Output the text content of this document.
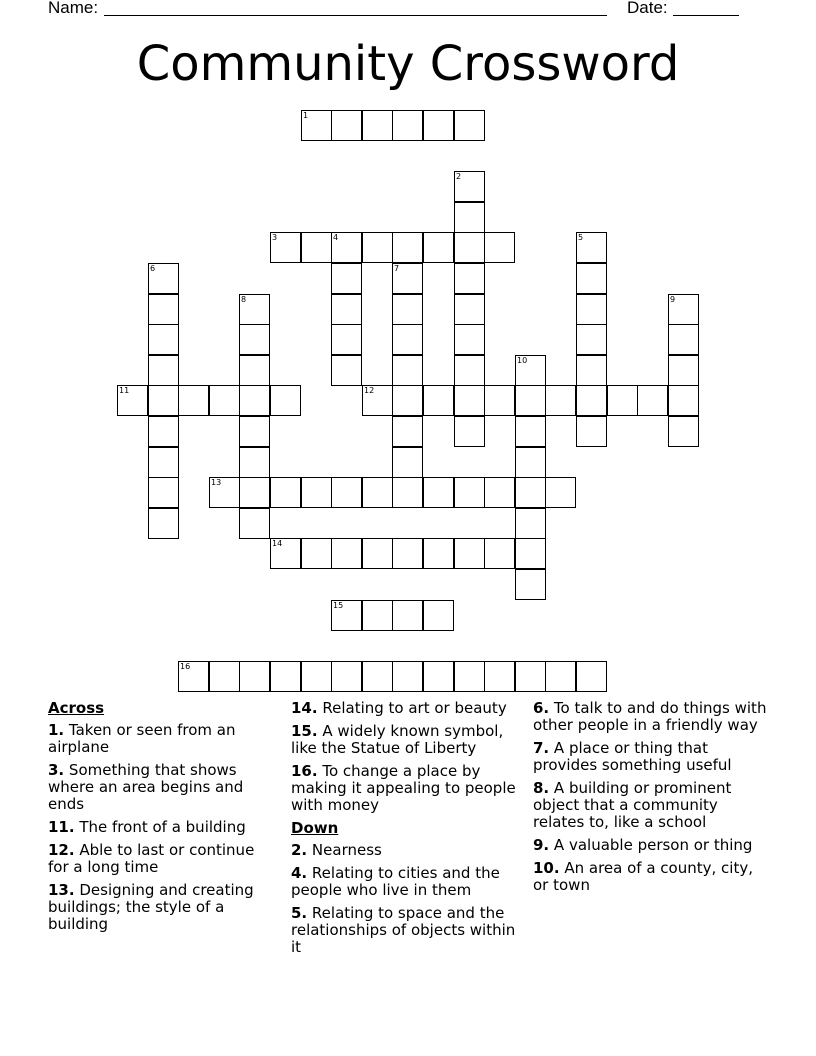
Name:	Date:
Community Crossword
1
3	4
11	12
13
14
15
16
2
5
6	7
8	9
10
Across
1. Taken or seen from an airplane
3. Something that shows where an area begins and ends
11. The front of a building
12. Able to last or continue for a long time
13. Designing and creating buildings; the style of a building
14. Relating to art or beauty
15. A widely known symbol, like the Statue of Liberty
16. To change a place by making it appealing to people with money
Down
2. Nearness
4. Relating to cities and the people who live in them
5. Relating to space and the relationships of objects within it
6. To talk to and do things with other people in a friendly way
7. A place or thing that provides something useful
8. A building or prominent object that a community relates to, like a school
9. A valuable person or thing
10. An area of a county, city, or town
